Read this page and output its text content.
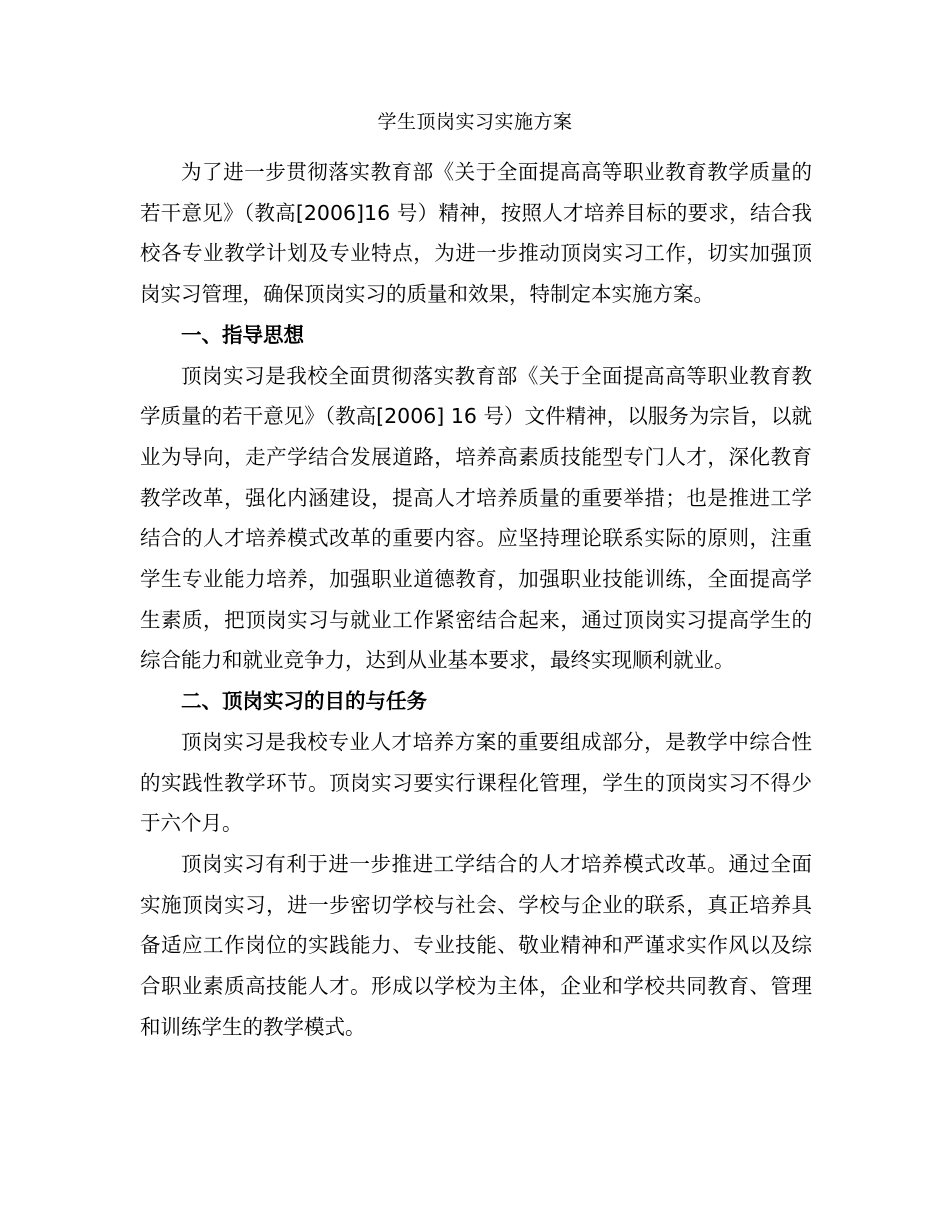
学生顶岗实习实施方案

为了进一步贯彻落实教育部《关于全面提高高等职业教育教学质量的若干意见》（教高[2006]16 号）精神，按照人才培养目标的要求，结合我校各专业教学计划及专业特点，为进一步推动顶岗实习工作，切实加强顶岗实习管理，确保顶岗实习的质量和效果，特制定本实施方案。

一、指导思想

顶岗实习是我校全面贯彻落实教育部《关于全面提高高等职业教育教学质量的若干意见》（教高[2006] 16 号）文件精神，以服务为宗旨，以就业为导向，走产学结合发展道路，培养高素质技能型专门人才，深化教育教学改革，强化内涵建设，提高人才培养质量的重要举措；也是推进工学结合的人才培养模式改革的重要内容。应坚持理论联系实际的原则，注重学生专业能力培养，加强职业道德教育，加强职业技能训练，全面提高学生素质，把顶岗实习与就业工作紧密结合起来，通过顶岗实习提高学生的综合能力和就业竞争力，达到从业基本要求，最终实现顺利就业。

二、顶岗实习的目的与任务

顶岗实习是我校专业人才培养方案的重要组成部分，是教学中综合性的实践性教学环节。顶岗实习要实行课程化管理，学生的顶岗实习不得少于六个月。

顶岗实习有利于进一步推进工学结合的人才培养模式改革。通过全面实施顶岗实习，进一步密切学校与社会、学校与企业的联系，真正培养具备适应工作岗位的实践能力、专业技能、敬业精神和严谨求实作风以及综合职业素质高技能人才。形成以学校为主体，企业和学校共同教育、管理和训练学生的教学模式。
